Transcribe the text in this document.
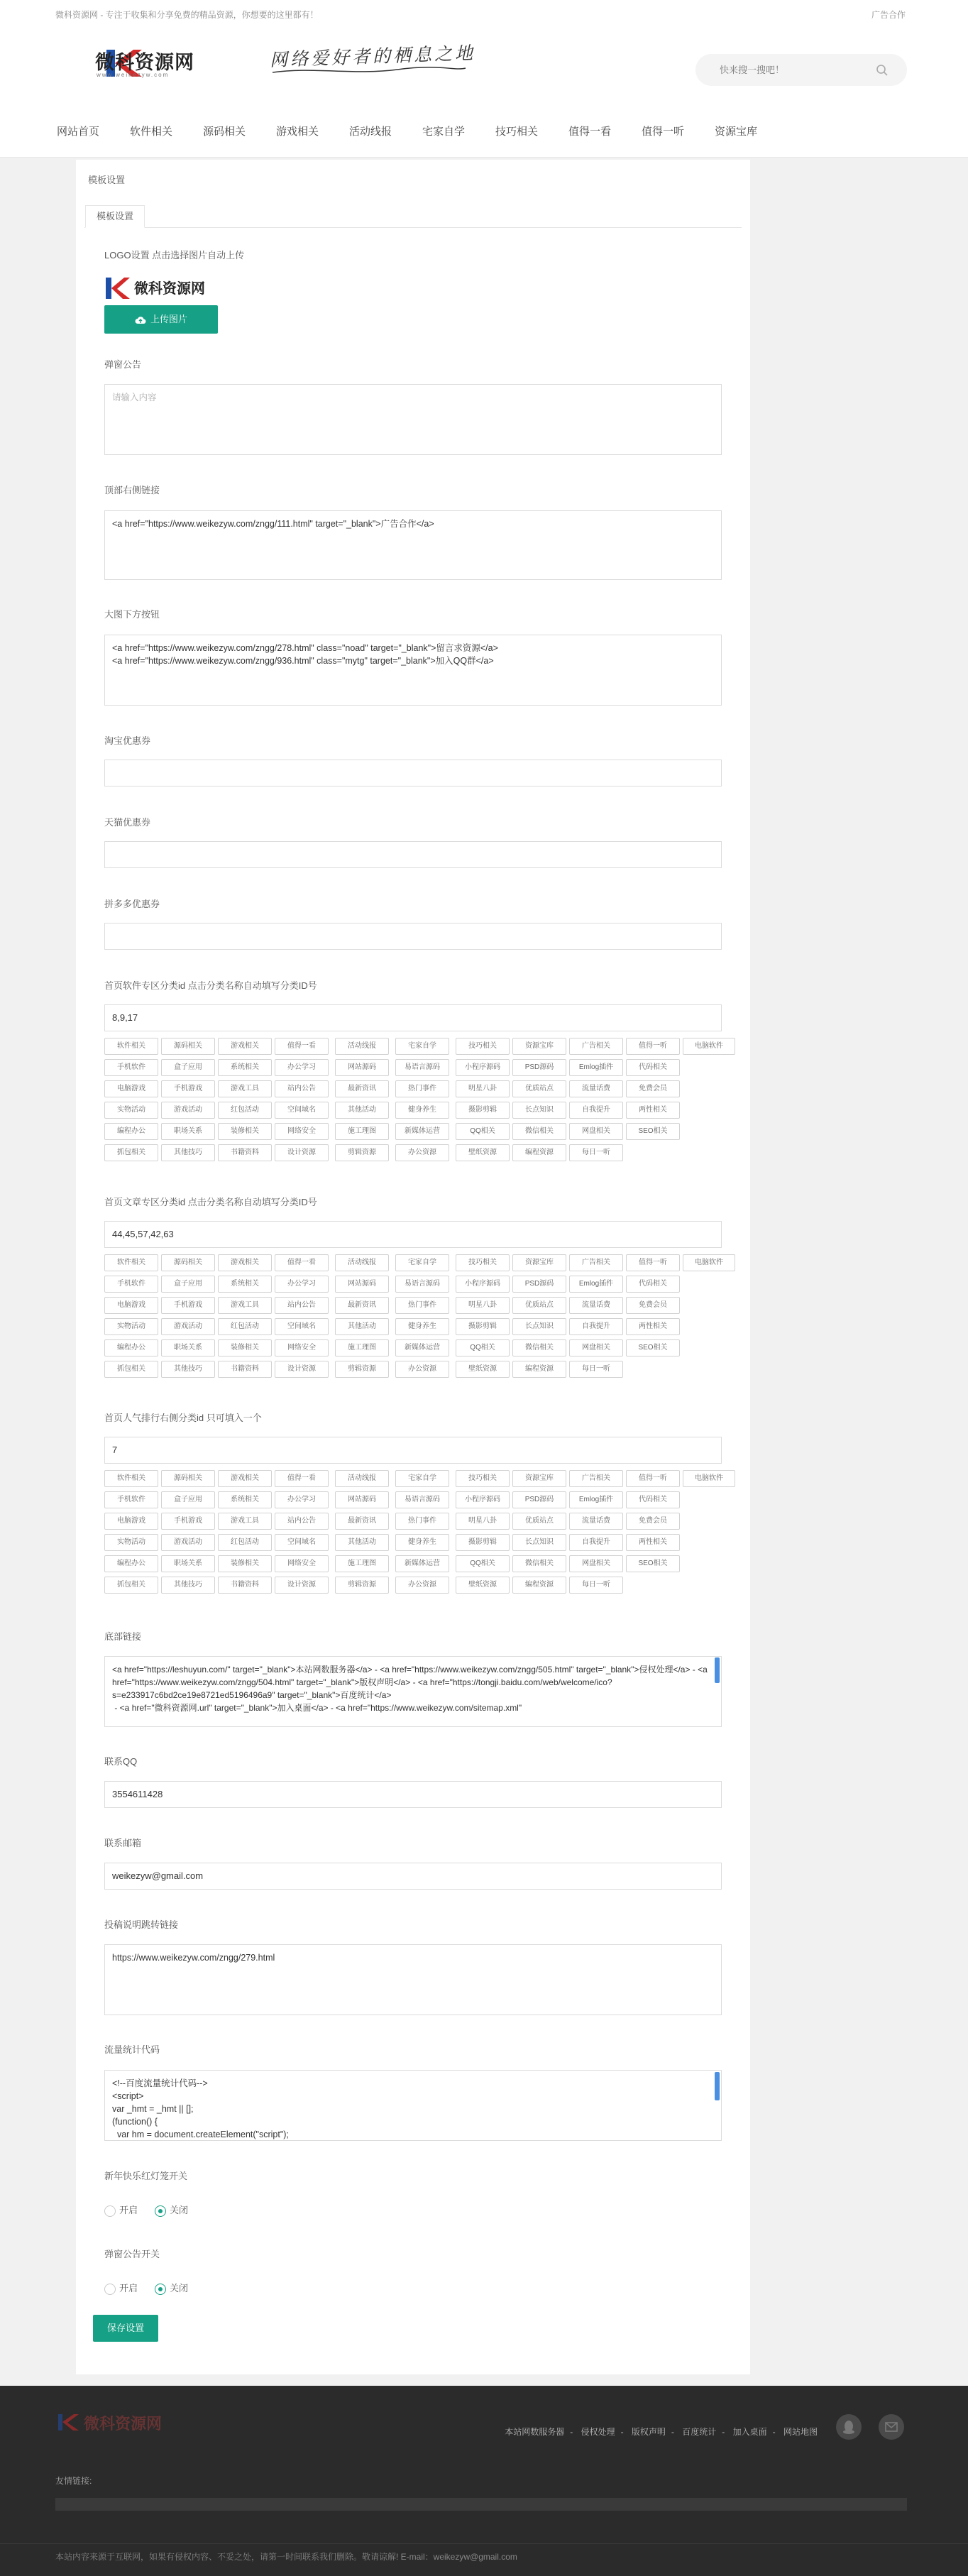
微科资源网 - 专注于收集和分享免费的精品资源，你想要的这里都有！	广告合作
微科资源网
www.weikezyw.com
网络爱好者的栖息之地
快来搜一搜吧！
网站首页	软件相关	源码相关	游戏相关	活动线报	宅家自学	技巧相关	值得一看	值得一听	资源宝库
模板设置
模板设置
LOGO设置 点击选择图片自动上传
微科资源网
上传图片
弹窗公告
请输入内容
顶部右侧链接
<a href="https://www.weikezyw.com/zngg/111.html" target="_blank">广告合作</a>
大图下方按钮
<a href="https://www.weikezyw.com/zngg/278.html" class="noad" target="_blank">留言求资源</a>
<a href="https://www.weikezyw.com/zngg/936.html" class="mytg" target="_blank">加入QQ群</a>
淘宝优惠券
天猫优惠券
拼多多优惠券
首页软件专区分类id 点击分类名称自动填写分类ID号
8,9,17
软件相关	源码相关	游戏相关	值得一看	活动线报	宅家自学	技巧相关	资源宝库	广告相关	值得一听	电脑软件
手机软件	盒子应用	系统相关	办公学习	网站源码	易语言源码	小程序源码	PSD源码	Emlog插件	代码相关
电脑游戏	手机游戏	游戏工具	站内公告	最新资讯	热门事件	明星八卦	优质站点	流量话费	免费会员
实物活动	游戏活动	红包活动	空间域名	其他活动	健身养生	摄影剪辑	长点知识	自我提升	两性相关
编程办公	职场关系	装修相关	网络安全	施工理图	新媒体运营	QQ相关	微信相关	网盘相关	SEO相关
抓包相关	其他技巧	书籍资料	设计资源	剪辑资源	办公资源	壁纸资源	编程资源	每日一听
首页文章专区分类id 点击分类名称自动填写分类ID号
44,45,57,42,63
软件相关	源码相关	游戏相关	值得一看	活动线报	宅家自学	技巧相关	资源宝库	广告相关	值得一听	电脑软件
手机软件	盒子应用	系统相关	办公学习	网站源码	易语言源码	小程序源码	PSD源码	Emlog插件	代码相关
电脑游戏	手机游戏	游戏工具	站内公告	最新资讯	热门事件	明星八卦	优质站点	流量话费	免费会员
实物活动	游戏活动	红包活动	空间域名	其他活动	健身养生	摄影剪辑	长点知识	自我提升	两性相关
编程办公	职场关系	装修相关	网络安全	施工理图	新媒体运营	QQ相关	微信相关	网盘相关	SEO相关
抓包相关	其他技巧	书籍资料	设计资源	剪辑资源	办公资源	壁纸资源	编程资源	每日一听
首页人气排行右侧分类id 只可填入一个
7
软件相关	源码相关	游戏相关	值得一看	活动线报	宅家自学	技巧相关	资源宝库	广告相关	值得一听	电脑软件
手机软件	盒子应用	系统相关	办公学习	网站源码	易语言源码	小程序源码	PSD源码	Emlog插件	代码相关
电脑游戏	手机游戏	游戏工具	站内公告	最新资讯	热门事件	明星八卦	优质站点	流量话费	免费会员
实物活动	游戏活动	红包活动	空间域名	其他活动	健身养生	摄影剪辑	长点知识	自我提升	两性相关
编程办公	职场关系	装修相关	网络安全	施工理图	新媒体运营	QQ相关	微信相关	网盘相关	SEO相关
抓包相关	其他技巧	书籍资料	设计资源	剪辑资源	办公资源	壁纸资源	编程资源	每日一听
底部链接
<a href="https://leshuyun.com/" target="_blank">本站网数服务器</a> - <a href="https://www.weikezyw.com/zngg/505.html" target="_blank">侵权处理</a> - <a href="https://www.weikezyw.com/zngg/504.html" target="_blank">版权声明</a> - <a href="https://tongji.baidu.com/web/welcome/ico?s=e233917c6bd2ce19e8721ed5196496a9" target="_blank">百度统计</a>
- <a href="微科资源网.url" target="_blank">加入桌面</a> - <a href="https://www.weikezyw.com/sitemap.xml"
联系QQ
3554611428
联系邮箱
weikezyw@gmail.com
投稿说明跳转链接
https://www.weikezyw.com/zngg/279.html
流量统计代码
<!--百度流量统计代码-->
<script>
var _hmt = _hmt || [];
(function() {
var hm = document.createElement("script");
新年快乐红灯笼开关
开启	关闭
弹窗公告开关
开启	关闭
保存设置
微科资源网	本站网数服务器 - 侵权处理 - 版权声明 - 百度统计 - 加入桌面 - 网站地图
友情链接:
本站内容来源于互联网，如果有侵权内容、不妥之处，请第一时间联系我们删除。敬请谅解! E-mail：weikezyw@gmail.com
